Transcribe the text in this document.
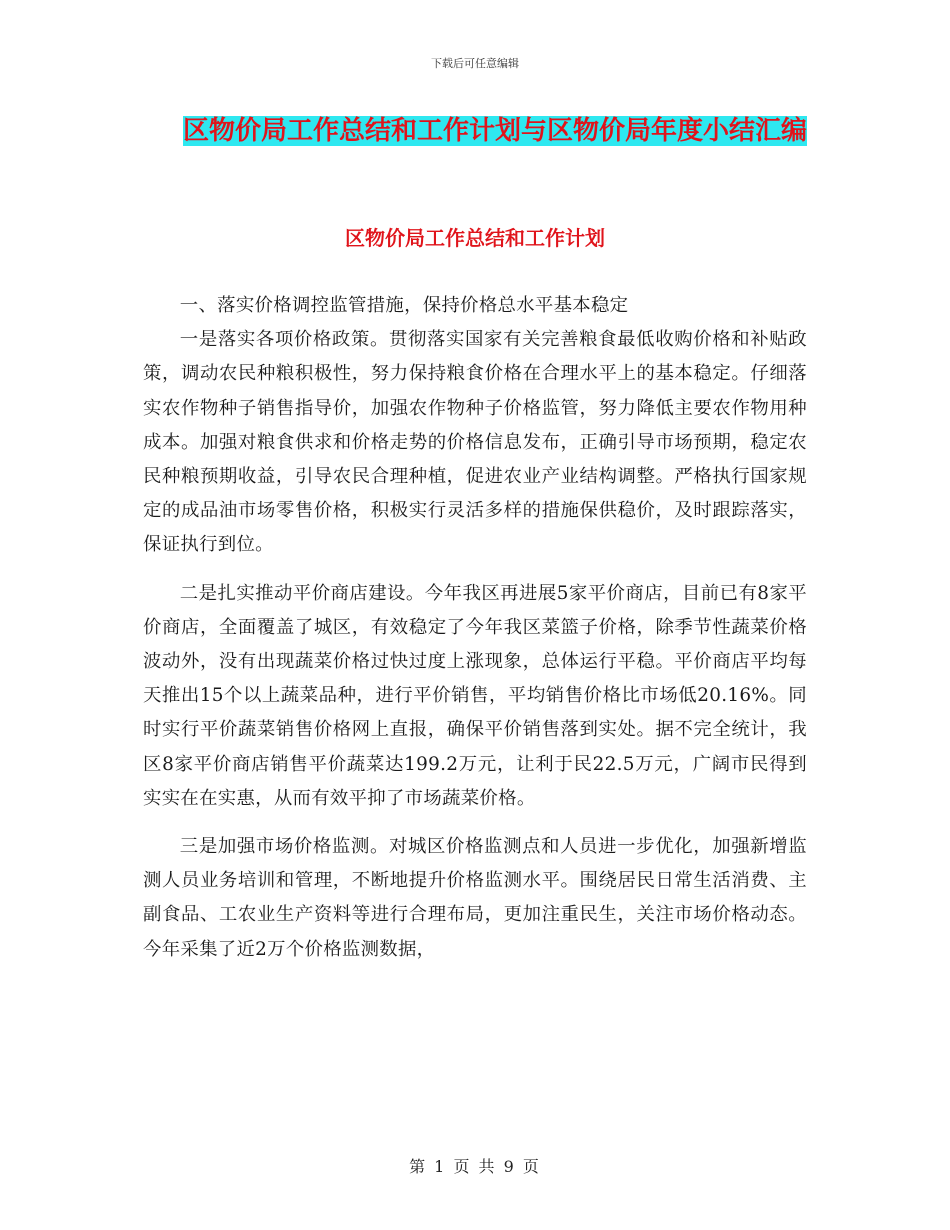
下载后可任意编辑
区物价局工作总结和工作计划与区物价局年度小结汇编
区物价局工作总结和工作计划

一、落实价格调控监管措施，保持价格总水平基本稳定

一是落实各项价格政策。贯彻落实国家有关完善粮食最低收购价格和补贴政策，调动农民种粮积极性，努力保持粮食价格在合理水平上的基本稳定。仔细落实农作物种子销售指导价，加强农作物种子价格监管，努力降低主要农作物用种成本。加强对粮食供求和价格走势的价格信息发布，正确引导市场预期，稳定农民种粮预期收益，引导农民合理种植，促进农业产业结构调整。严格执行国家规定的成品油市场零售价格，积极实行灵活多样的措施保供稳价，及时跟踪落实，保证执行到位。

二是扎实推动平价商店建设。今年我区再进展5家平价商店，目前已有8家平价商店，全面覆盖了城区，有效稳定了今年我区菜篮子价格，除季节性蔬菜价格波动外，没有出现蔬菜价格过快过度上涨现象，总体运行平稳。平价商店平均每天推出15个以上蔬菜品种，进行平价销售，平均销售价格比市场低20.16%。同时实行平价蔬菜销售价格网上直报，确保平价销售落到实处。据不完全统计，我区8家平价商店销售平价蔬菜达199.2万元，让利于民22.5万元，广阔市民得到实实在在实惠，从而有效平抑了市场蔬菜价格。

三是加强市场价格监测。对城区价格监测点和人员进一步优化，加强新增监测人员业务培训和管理，不断地提升价格监测水平。围绕居民日常生活消费、主副食品、工农业生产资料等进行合理布局，更加注重民生，关注市场价格动态。今年采集了近2万个价格监测数据，

第 1 页 共 9 页
